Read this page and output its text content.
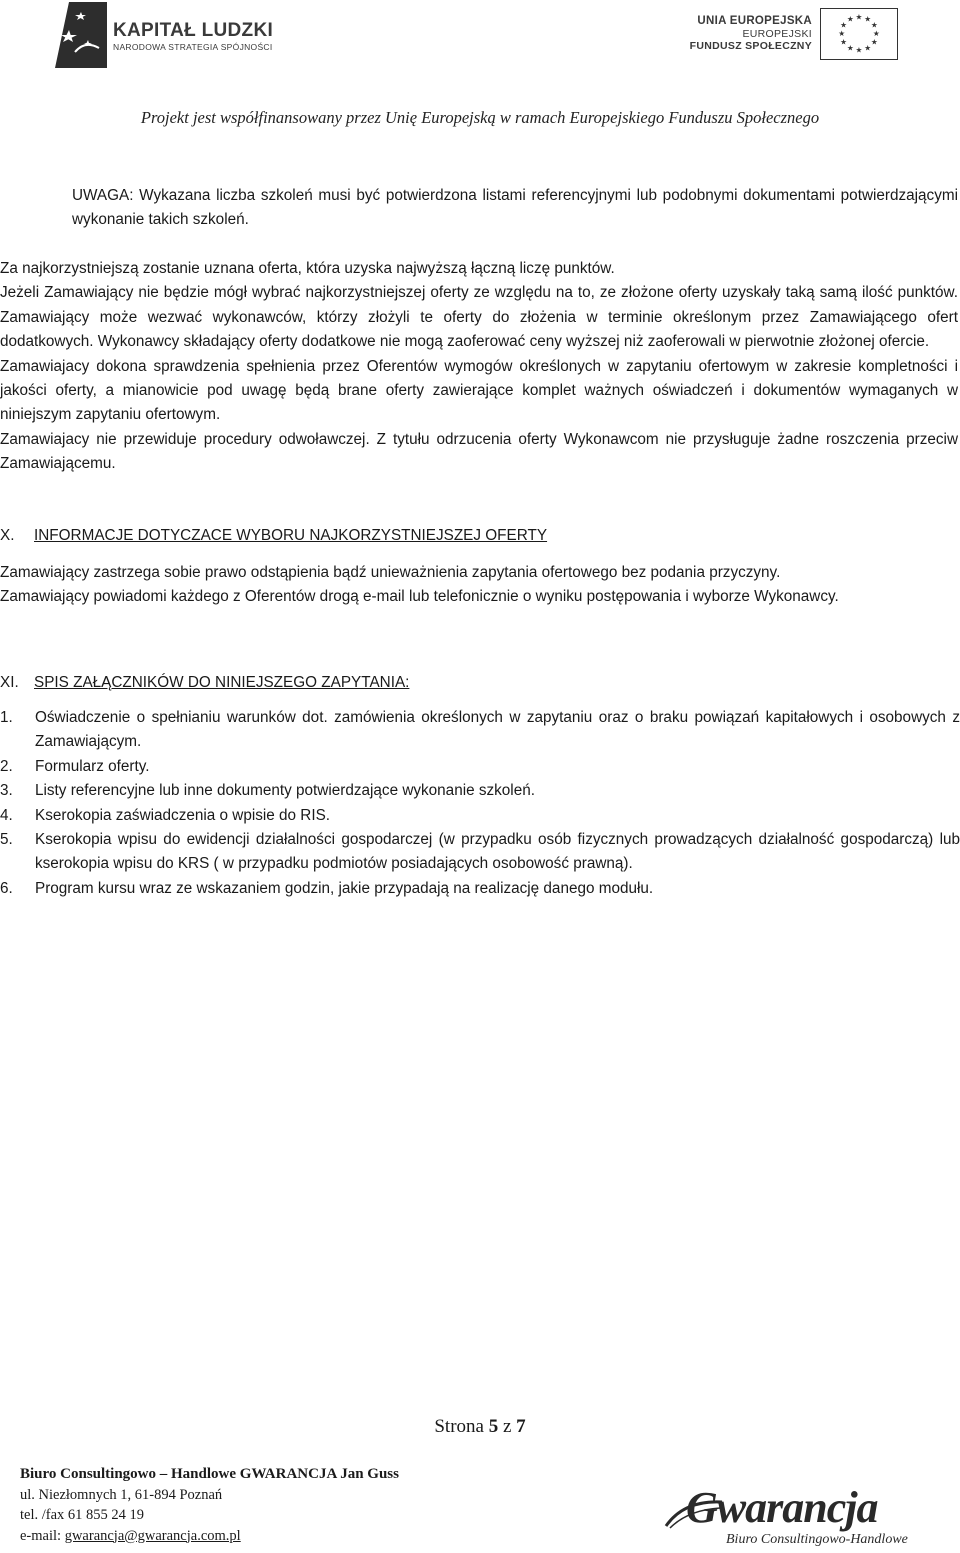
KAPITAŁ LUDZKI
NARODOWA STRATEGIA SPÓJNOŚCI
UNIA EUROPEJSKA
EUROPEJSKI
FUNDUSZ SPOŁECZNY
★ ★
★
★
★
★
★
★
★
★
★
★
Projekt jest współfinansowany przez Unię Europejską w ramach Europejskiego Funduszu Społecznego
UWAGA: Wykazana liczba szkoleń musi być potwierdzona listami referencyjnymi lub podobnymi dokumentami potwierdzającymi wykonanie takich szkoleń.

Za najkorzystniejszą zostanie uznana oferta, która uzyska najwyższą łączną liczę punktów.

Jeżeli Zamawiający nie będzie mógł wybrać najkorzystniejszej oferty ze względu na to, ze złożone oferty uzyskały taką samą ilość punktów. Zamawiający może wezwać wykonawców, którzy złożyli te oferty do złożenia w terminie określonym przez Zamawiającego ofert dodatkowych. Wykonawcy składający oferty dodatkowe nie mogą zaoferować ceny wyższej niż zaoferowali w pierwotnie złożonej ofercie.

Zamawiajacy dokona sprawdzenia spełnienia przez Oferentów wymogów określonych w zapytaniu ofertowym w zakresie kompletności i jakości oferty, a mianowicie pod uwagę będą brane oferty zawierające komplet ważnych oświadczeń i dokumentów wymaganych w niniejszym zapytaniu ofertowym.

Zamawiajacy nie przewiduje procedury odwoławczej. Z tytułu odrzucenia oferty Wykonawcom nie przysługuje żadne roszczenia przeciw Zamawiającemu.

X. INFORMACJE DOTYCZACE WYBORU NAJKORZYSTNIEJSZEJ OFERTY

Zamawiający zastrzega sobie prawo odstąpienia bądź unieważnienia zapytania ofertowego bez podania przyczyny.

Zamawiający powiadomi każdego z Oferentów drogą e-mail lub telefonicznie o wyniku postępowania i wyborze Wykonawcy.

XI. SPIS ZAŁĄCZNIKÓW DO NINIEJSZEGO ZAPYTANIA:
1. Oświadczenie o spełnianiu warunków dot. zamówienia określonych w zapytaniu oraz o braku powiązań kapitałowych i osobowych z Zamawiającym.
2. Formularz oferty.
3. Listy referencyjne lub inne dokumenty potwierdzające wykonanie szkoleń.
4. Kserokopia zaświadczenia o wpisie do RIS.
5. Kserokopia wpisu do ewidencji działalności gospodarczej (w przypadku osób fizycznych prowadzących działalność gospodarczą) lub kserokopia wpisu do KRS ( w przypadku podmiotów posiadających osobowość prawną).
6. Program kursu wraz ze wskazaniem godzin, jakie przypadają na realizację danego modułu.
Strona 5 z 7
Biuro Consultingowo – Handlowe GWARANCJA Jan Guss
ul. Niezłomnych 1, 61-894 Poznań
tel. /fax 61 855 24 19
e-mail: gwarancja@gwarancja.com.pl
Gwarancja
Biuro Consultingowo-Handlowe
